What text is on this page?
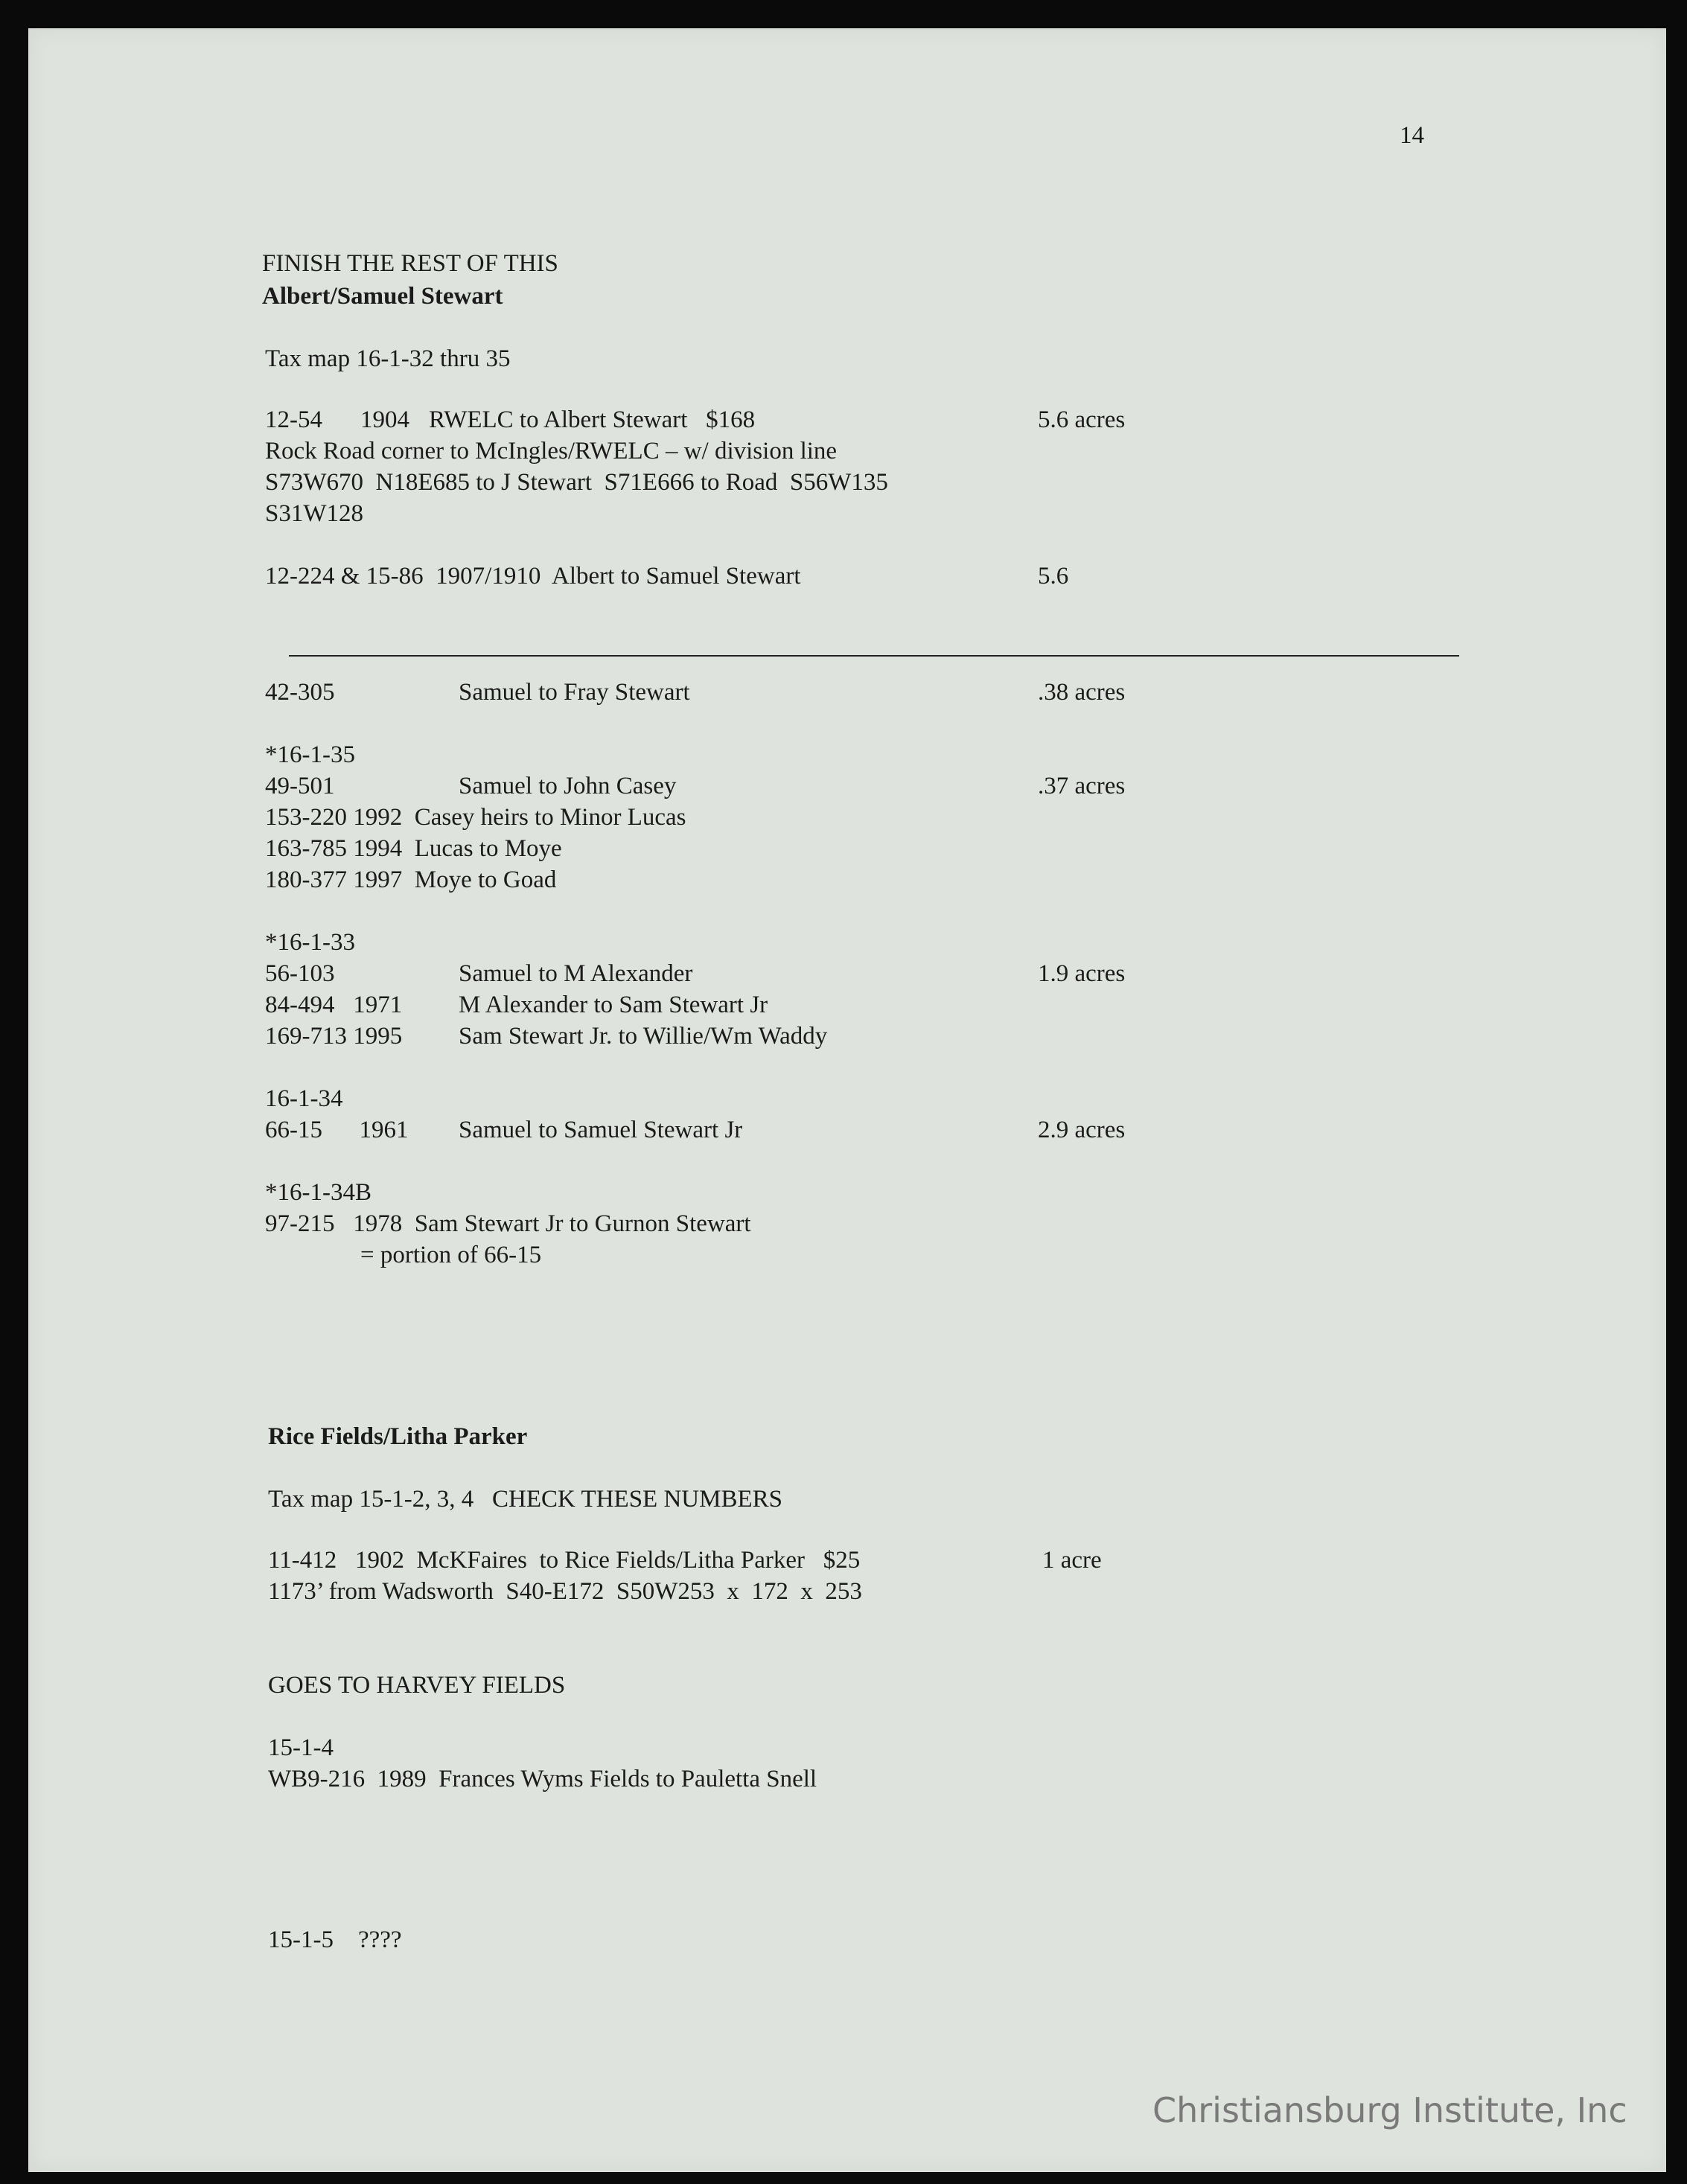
14
FINISH THE REST OF THIS
Albert/Samuel Stewart
Tax map 16-1-32 thru 35
12-54 1904 RWELC to Albert Stewart   $168	5.6 acres
Rock Road corner to McIngles/RWELC – w/ division line
S73W670  N18E685 to J Stewart  S71E666 to Road  S56W135
S31W128
12-224 & 15-86  1907/1910  Albert to Samuel Stewart	5.6
42-305	Samuel to Fray Stewart	.38 acres
*16-1-35
49-501	Samuel to John Casey	.37 acres
153-220 1992  Casey heirs to Minor Lucas
163-785 1994  Lucas to Moye
180-377 1997  Moye to Goad
*16-1-33
56-103	Samuel to M Alexander	1.9 acres
84-494   1971 M Alexander to Sam Stewart Jr
169-713 1995 Sam Stewart Jr. to Willie/Wm Waddy
16-1-34
66-15      1961 Samuel to Samuel Stewart Jr	2.9 acres
*16-1-34B
97-215   1978  Sam Stewart Jr to Gurnon Stewart
= portion of 66-15
Rice Fields/Litha Parker
Tax map 15-1-2, 3, 4   CHECK THESE NUMBERS
11-412   1902  McKFaires  to Rice Fields/Litha Parker   $25	1 acre
1173’ from Wadsworth  S40-E172  S50W253  x  172  x  253
GOES TO HARVEY FIELDS
15-1-4
WB9-216  1989  Frances Wyms Fields to Pauletta Snell
15-1-5    ????
Christiansburg Institute, Inc
